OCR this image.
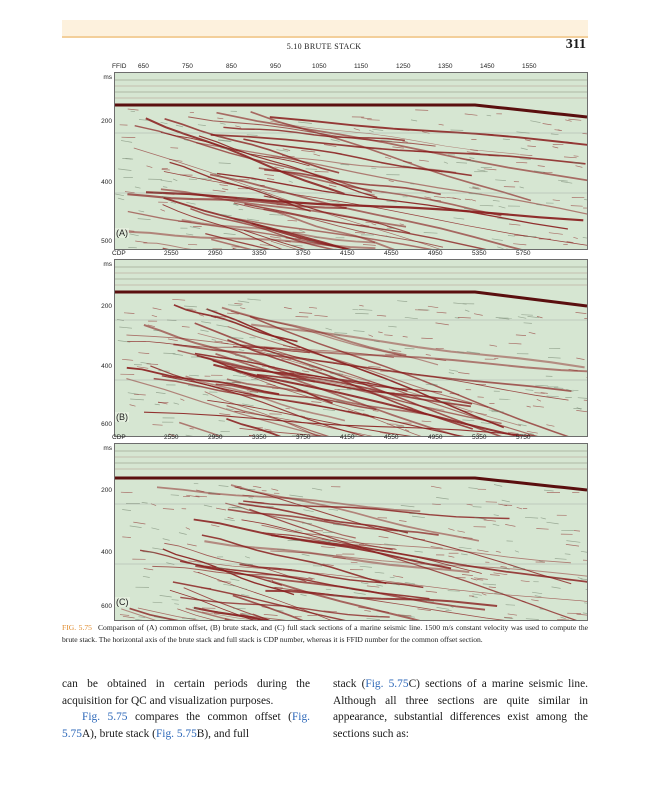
5.10 BRUTE STACK	311
FFID 650	750	850	950	1050	1150	1250	1350	1450	1550
ms
200
400
500
(A)
CDP	2550	2950	3350	3750	4150	4550	4950	5350	5750
ms
200
400
600
(B)
CDP	2550	2950	3350	3750	4150	4550	4950	5350	5750
ms
200
400
600 (C)
FIG. 5.75 Comparison of (A) common offset, (B) brute stack, and (C) full stack sections of a marine seismic line. 1500 m/s constant velocity was used to compute the brute stack. The horizontal axis of the brute stack and full stack is CDP number, whereas it is FFID number for the common offset section.
can be obtained in certain periods during the acquisition for QC and visualization purposes.
Fig. 5.75 compares the common offset (Fig. 5.75A), brute stack (Fig. 5.75B), and full
stack (Fig. 5.75C) sections of a marine seismic line. Although all three sections are quite similar in appearance, substantial differences exist among the sections such as:
